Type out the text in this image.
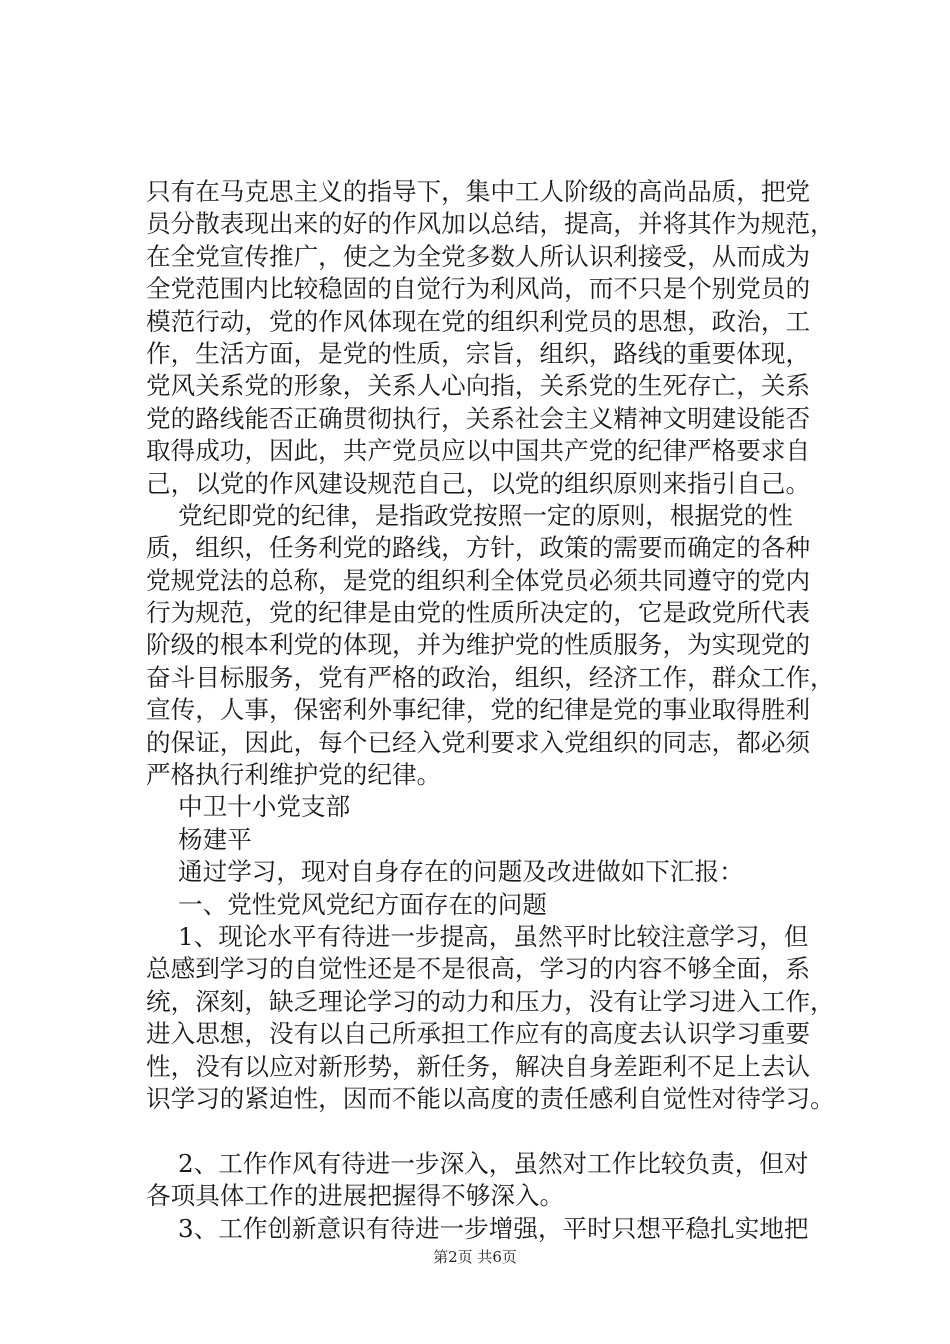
只有在马克思主义的指导下，集中工人阶级的高尚品质，把党
员分散表现出来的好的作风加以总结，提高，并将其作为规范，
在全党宣传推广，使之为全党多数人所认识利接受，从而成为
全党范围内比较稳固的自觉行为利风尚，而不只是个别党员的
模范行动，党的作风体现在党的组织利党员的思想，政治，工
作，生活方面，是党的性质，宗旨，组织，路线的重要体现，
党风关系党的形象，关系人心向指，关系党的生死存亡，关系
党的路线能否正确贯彻执行，关系社会主义精神文明建设能否
取得成功，因此，共产党员应以中国共产党的纪律严格要求自
己，以党的作风建设规范自己，以党的组织原则来指引自己。
党纪即党的纪律，是指政党按照一定的原则，根据党的性
质，组织，任务利党的路线，方针，政策的需要而确定的各种
党规党法的总称，是党的组织利全体党员必须共同遵守的党内
行为规范，党的纪律是由党的性质所决定的，它是政党所代表
阶级的根本利党的体现，并为维护党的性质服务，为实现党的
奋斗目标服务，党有严格的政治，组织，经济工作，群众工作，
宣传，人事，保密利外事纪律，党的纪律是党的事业取得胜利
的保证，因此，每个已经入党利要求入党组织的同志，都必须
严格执行利维护党的纪律。
中卫十小党支部
杨建平
通过学习，现对自身存在的问题及改进做如下汇报：
一、党性党风党纪方面存在的问题
1、现论水平有待进一步提高，虽然平时比较注意学习，但
总感到学习的自觉性还是不是很高，学习的内容不够全面，系
统，深刻，缺乏理论学习的动力和压力，没有让学习进入工作，
进入思想，没有以自己所承担工作应有的高度去认识学习重要
性，没有以应对新形势，新任务，解决自身差距利不足上去认
识学习的紧迫性，因而不能以高度的责任感利自觉性对待学习。
2、工作作风有待进一步深入，虽然对工作比较负责，但对
各项具体工作的进展把握得不够深入。
3、工作创新意识有待进一步增强，平时只想平稳扎实地把
第2页 共6页
